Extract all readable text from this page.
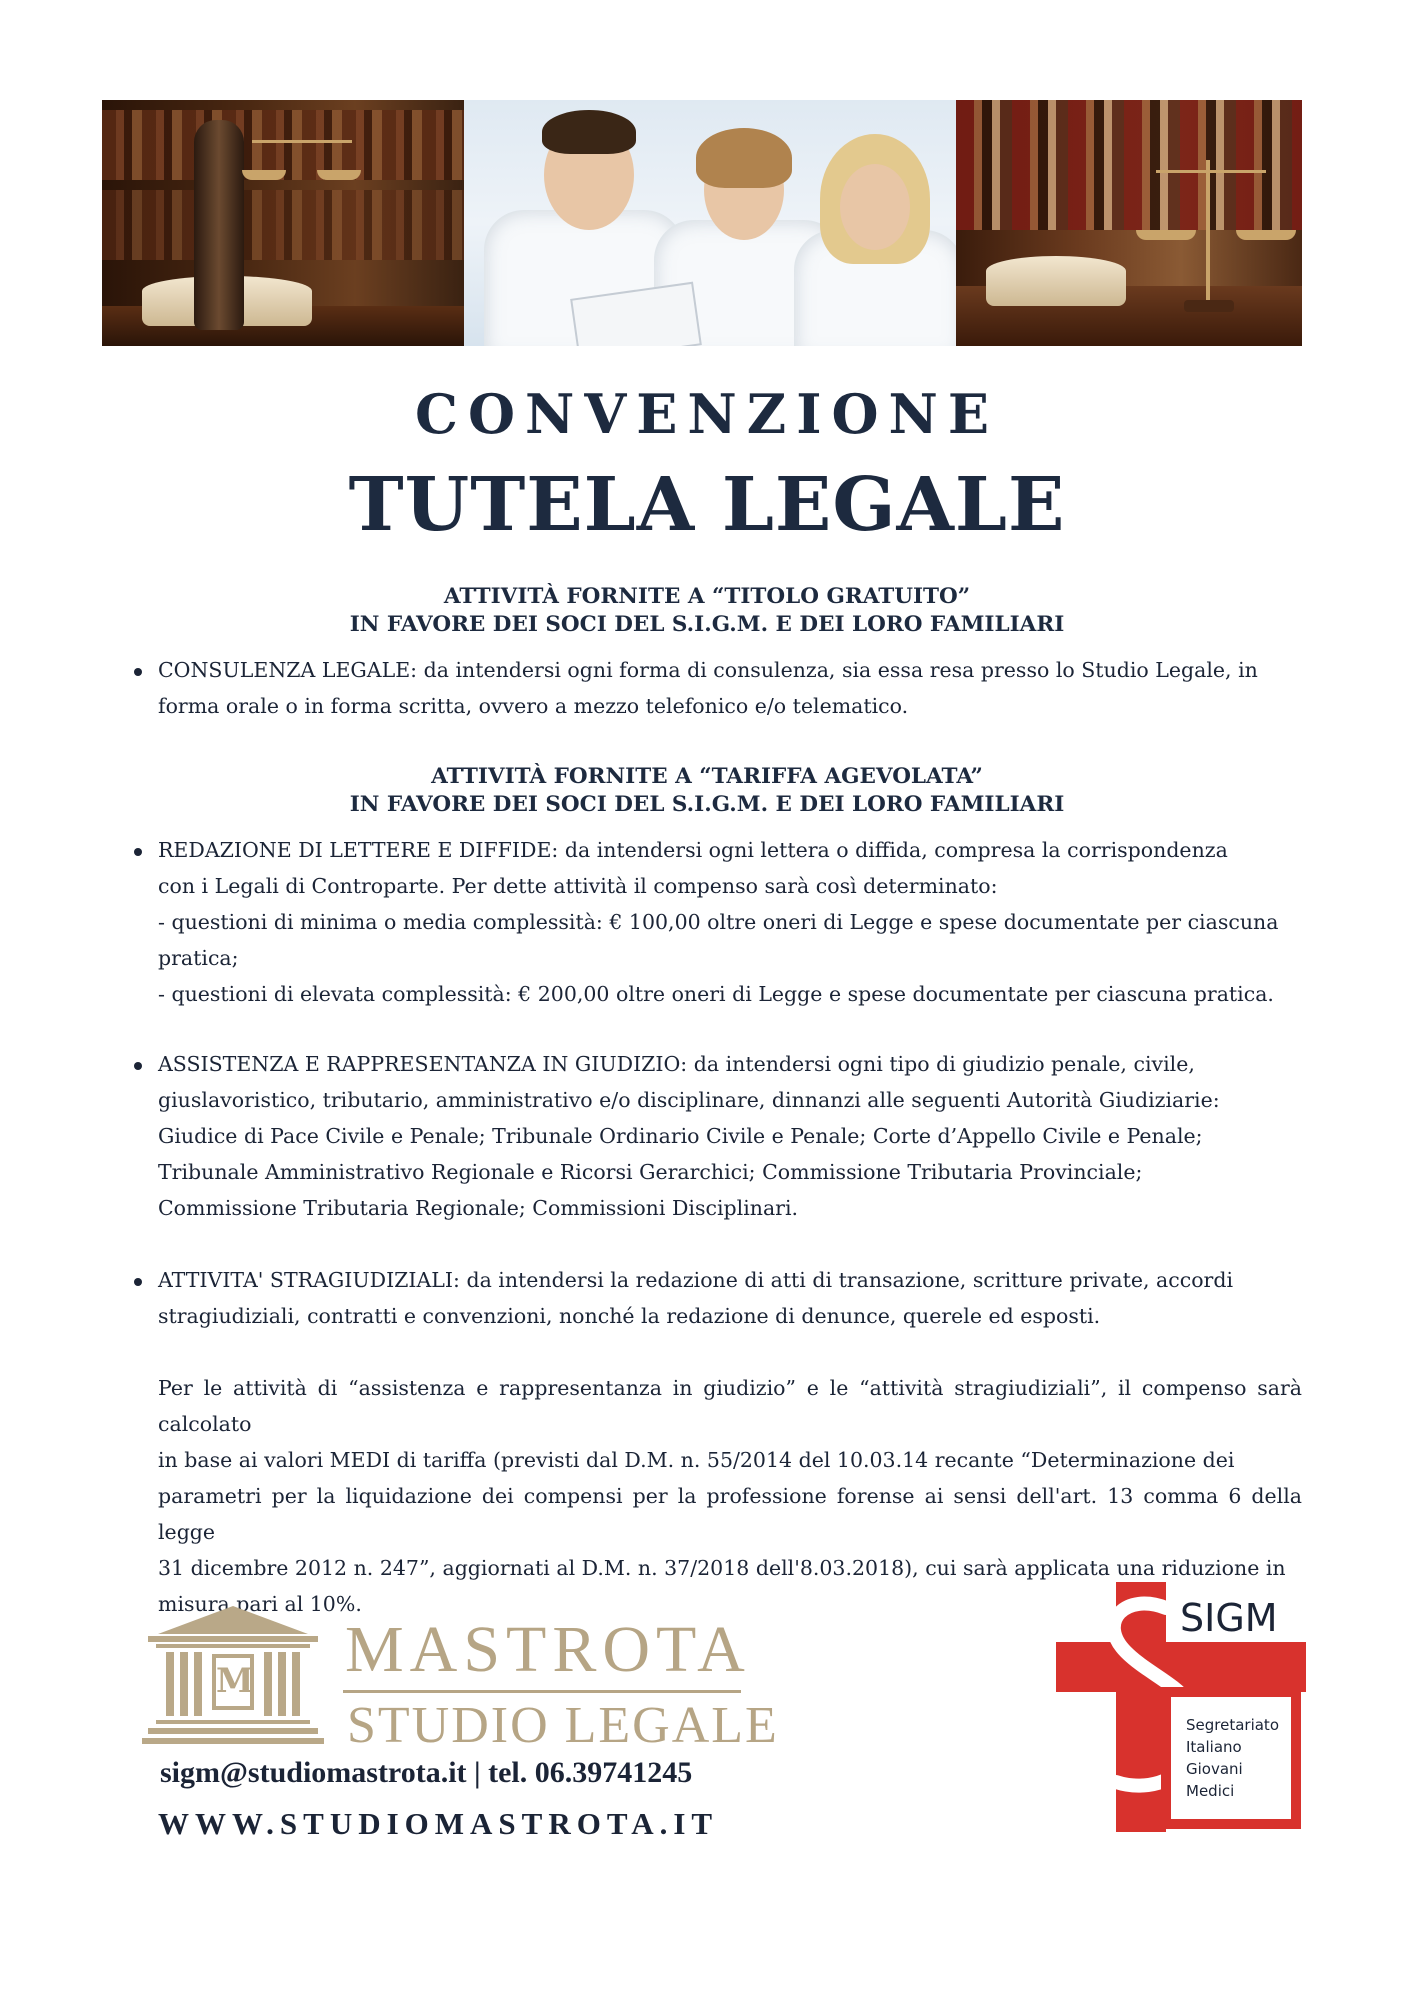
CONVENZIONE
TUTELA LEGALE
ATTIVITÀ FORNITE A “TITOLO GRATUITO”
IN FAVORE DEI SOCI DEL S.I.G.M. E DEI LORO FAMILIARI
CONSULENZA LEGALE: da intendersi ogni forma di consulenza, sia essa resa presso lo Studio Legale, in
forma orale o in forma scritta, ovvero a mezzo telefonico e/o telematico.
ATTIVITÀ FORNITE A “TARIFFA AGEVOLATA”
IN FAVORE DEI SOCI DEL S.I.G.M. E DEI LORO FAMILIARI
REDAZIONE DI LETTERE E DIFFIDE: da intendersi ogni lettera o diffida, compresa la corrispondenza
con i Legali di Controparte. Per dette attività il compenso sarà così determinato:
- questioni di minima o media complessità: € 100,00 oltre oneri di Legge e spese documentate per ciascuna
pratica;
- questioni di elevata complessità: € 200,00 oltre oneri di Legge e spese documentate per ciascuna pratica.
ASSISTENZA E RAPPRESENTANZA IN GIUDIZIO: da intendersi ogni tipo di giudizio penale, civile,
giuslavoristico, tributario, amministrativo e/o disciplinare, dinnanzi alle seguenti Autorità Giudiziarie:
Giudice di Pace Civile e Penale; Tribunale Ordinario Civile e Penale; Corte d’Appello Civile e Penale;
Tribunale Amministrativo Regionale e Ricorsi Gerarchici; Commissione Tributaria Provinciale;
Commissione Tributaria Regionale; Commissioni Disciplinari.
ATTIVITA' STRAGIUDIZIALI: da intendersi la redazione di atti di transazione, scritture private, accordi
stragiudiziali, contratti e convenzioni, nonché la redazione di denunce, querele ed esposti.
Per le attività di “assistenza e rappresentanza in giudizio” e le “attività stragiudiziali”, il compenso sarà calcolato
in base ai valori MEDI di tariffa (previsti dal D.M. n. 55/2014 del 10.03.14 recante “Determinazione dei
parametri per la liquidazione dei compensi per la professione forense ai sensi dell'art. 13 comma 6 della legge
31 dicembre 2012 n. 247”, aggiornati al D.M. n. 37/2018 dell'8.03.2018), cui sarà applicata una riduzione in
misura pari al 10%.
M MASTROTA
STUDIO LEGALE
sigm@studiomastrota.it | tel. 06.39741245
WWW.STUDIOMASTROTA.IT
SIGM
Segretariato
Italiano
Giovani
Medici
